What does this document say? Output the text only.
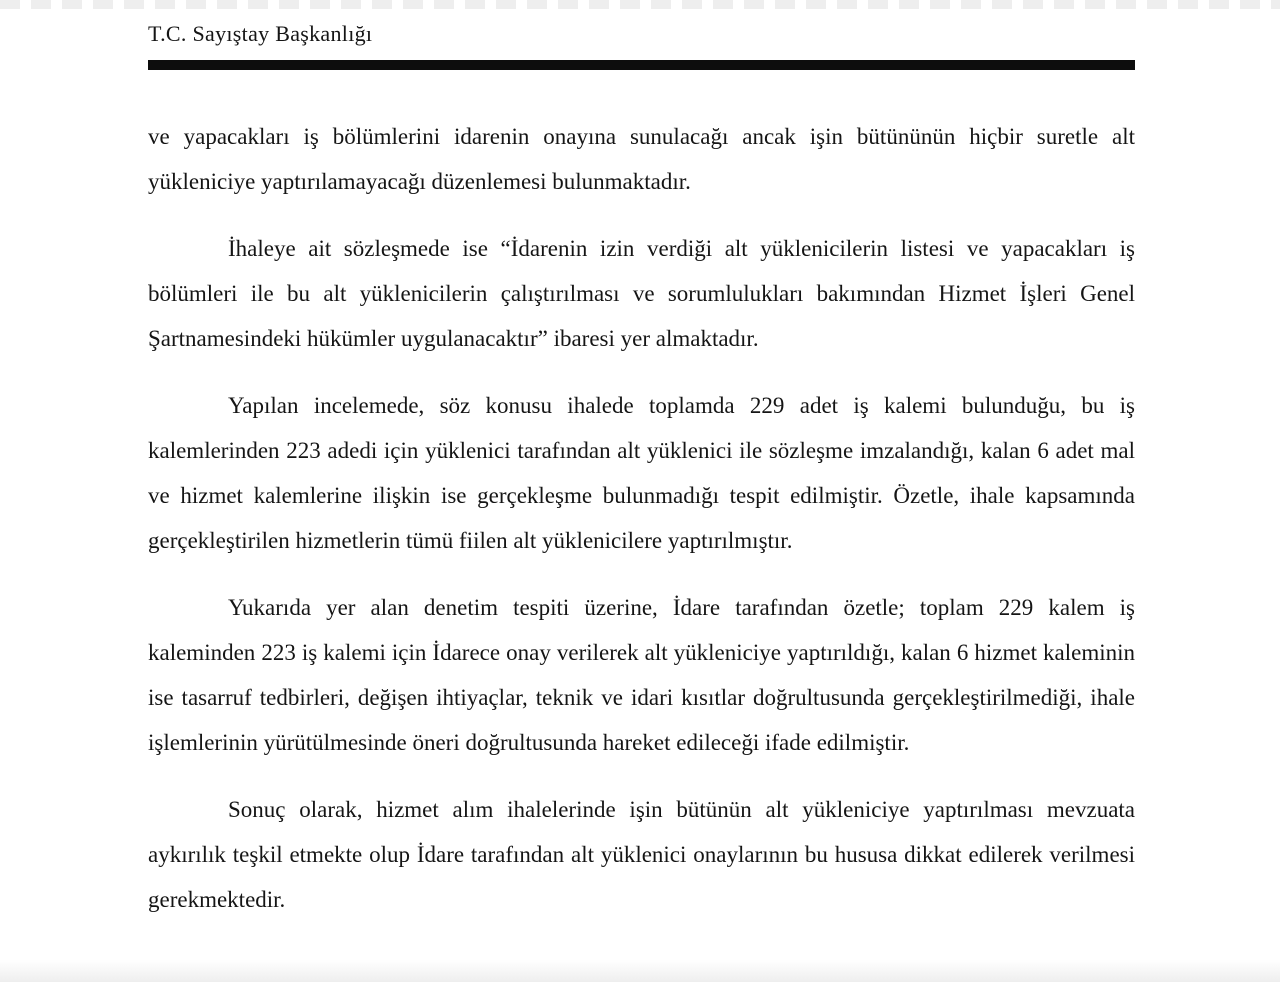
T.C. Sayıştay Başkanlığı

ve yapacakları iş bölümlerini idarenin onayına sunulacağı ancak işin bütününün hiçbir suretle alt yükleniciye yaptırılamayacağı düzenlemesi bulunmaktadır.

İhaleye ait sözleşmede ise “İdarenin izin verdiği alt yüklenicilerin listesi ve yapacakları iş bölümleri ile bu alt yüklenicilerin çalıştırılması ve sorumlulukları bakımından Hizmet İşleri Genel Şartnamesindeki hükümler uygulanacaktır” ibaresi yer almaktadır.

Yapılan incelemede, söz konusu ihalede toplamda 229 adet iş kalemi bulunduğu, bu iş kalemlerinden 223 adedi için yüklenici tarafından alt yüklenici ile sözleşme imzalandığı, kalan 6 adet mal ve hizmet kalemlerine ilişkin ise gerçekleşme bulunmadığı tespit edilmiştir. Özetle, ihale kapsamında gerçekleştirilen hizmetlerin tümü fiilen alt yüklenicilere yaptırılmıştır.

Yukarıda yer alan denetim tespiti üzerine, İdare tarafından özetle; toplam 229 kalem iş kaleminden 223 iş kalemi için İdarece onay verilerek alt yükleniciye yaptırıldığı, kalan 6 hizmet kaleminin ise tasarruf tedbirleri, değişen ihtiyaçlar, teknik ve idari kısıtlar doğrultusunda gerçekleştirilmediği, ihale işlemlerinin yürütülmesinde öneri doğrultusunda hareket edileceği ifade edilmiştir.

Sonuç olarak, hizmet alım ihalelerinde işin bütünün alt yükleniciye yaptırılması mevzuata aykırılık teşkil etmekte olup İdare tarafından alt yüklenici onaylarının bu hususa dikkat edilerek verilmesi gerekmektedir.
